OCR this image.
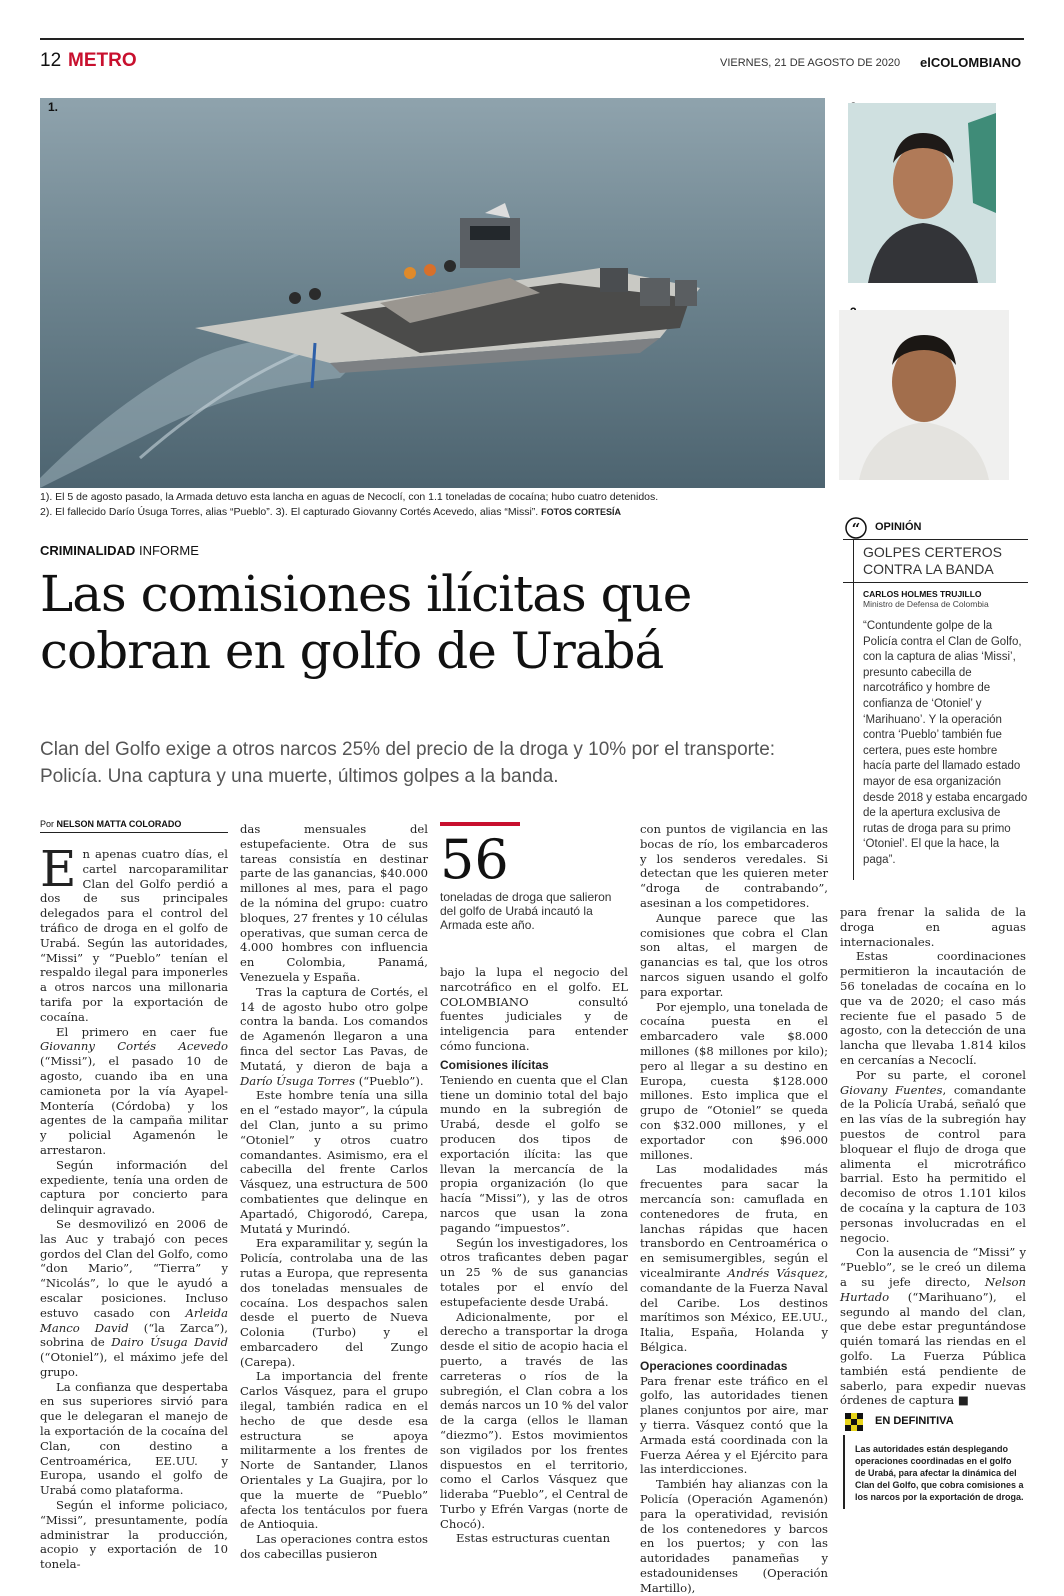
12 METRO	VIERNES, 21 DE AGOSTO DE 2020 elCOLOMBIANO
1.
1). El 5 de agosto pasado, la Armada detuvo esta lancha en aguas de Necoclí, con 1.1 toneladas de cocaína; hubo cuatro detenidos.
2). El fallecido Darío Úsuga Torres, alias “Pueblo”. 3). El capturado Giovanny Cortés Acevedo, alias “Missi”. FOTOS CORTESÍA
CRIMINALIDAD INFORME
Las comisiones ilícitas que
cobran en golfo de Urabá
Clan del Golfo exige a otros narcos 25% del precio de la droga y 10% por el transporte: Policía. Una captura y una muerte, últimos golpes a la banda.
Por NELSON MATTA COLORADO

En apenas cuatro días, el cartel narcoparamilitar Clan del Golfo perdió a dos de sus principales delegados para el control del tráfico de droga en el golfo de Urabá. Según las autoridades, “Missi” y “Pueblo” tenían el respaldo ilegal para imponerles a otros narcos una millonaria tarifa por la exportación de cocaína.

El primero en caer fue Giovanny Cortés Acevedo (“Missi”), el pasado 10 de agosto, cuando iba en una camioneta por la vía Ayapel-Montería (Córdoba) y los agentes de la campaña militar y policial Agamenón le arrestaron.

Según información del expediente, tenía una orden de captura por concierto para delinquir agravado.

Se desmovilizó en 2006 de las Auc y trabajó con peces gordos del Clan del Golfo, como “don Mario”, “Tierra” y “Nicolás”, lo que le ayudó a escalar posiciones. Incluso estuvo casado con Arleida Manco David (“la Zarca”), sobrina de Dairo Úsuga David (“Otoniel”), el máximo jefe del grupo.

La confianza que despertaba en sus superiores sirvió para que le delegaran el manejo de la exportación de la cocaína del Clan, con destino a Centroamérica, EE.UU. y Europa, usando el golfo de Urabá como plataforma.

Según el informe policiaco, “Missi”, presuntamente, podía administrar la producción, acopio y exportación de 10 tonela-

das mensuales del estupefaciente. Otra de sus tareas consistía en destinar parte de las ganancias, $40.000 millones al mes, para el pago de la nómina del grupo: cuatro bloques, 27 frentes y 10 células operativas, que suman cerca de 4.000 hombres con influencia en Colombia, Panamá, Venezuela y España.

Tras la captura de Cortés, el 14 de agosto hubo otro golpe contra la banda. Los comandos de Agamenón llegaron a una finca del sector Las Pavas, de Mutatá, y dieron de baja a Darío Úsuga Torres (“Pueblo”).

Este hombre tenía una silla en el “estado mayor”, la cúpula del Clan, junto a su primo “Otoniel” y otros cuatro comandantes. Asimismo, era el cabecilla del frente Carlos Vásquez, una estructura de 500 combatientes que delinque en Apartadó, Chigorodó, Carepa, Mutatá y Murindó.

Era exparamilitar y, según la Policía, controlaba una de las rutas a Europa, que representa dos toneladas mensuales de cocaína. Los despachos salen desde el puerto de Nueva Colonia (Turbo) y el embarcadero del Zungo (Carepa).

La importancia del frente Carlos Vásquez, para el grupo ilegal, también radica en el hecho de que desde esa estructura se apoya militarmente a los frentes de Norte de Santander, Llanos Orientales y La Guajira, por lo que la muerte de “Pueblo” afecta los tentáculos por fuera de Antioquia.

Las operaciones contra estos dos cabecillas pusieron

56
toneladas de droga que salieron del golfo de Urabá incautó la Armada este año.

bajo la lupa el negocio del narcotráfico en el golfo. EL COLOMBIANO consultó fuentes judiciales y de inteligencia para entender cómo funciona.

Comisiones ilícitas

Teniendo en cuenta que el Clan tiene un dominio total del bajo mundo en la subregión de Urabá, desde el golfo se producen dos tipos de exportación ilícita: las que llevan la mercancía de la propia organización (lo que hacía “Missi”), y las de otros narcos que usan la zona pagando “impuestos”.

Según los investigadores, los otros traficantes deben pagar un 25 % de sus ganancias totales por el envío del estupefaciente desde Urabá.

Adicionalmente, por el derecho a transportar la droga desde el sitio de acopio hacia el puerto, a través de las carreteras o ríos de la subregión, el Clan cobra a los demás narcos un 10 % del valor de la carga (ellos le llaman “diezmo”). Estos movimientos son vigilados por los frentes dispuestos en el territorio, como el Carlos Vásquez que lideraba “Pueblo”, el Central de Turbo y Efrén Vargas (norte de Chocó).

Estas estructuras cuentan

con puntos de vigilancia en las bocas de río, los embarcaderos y los senderos veredales. Si detectan que les quieren meter “droga de contrabando”, asesinan a los competidores.

Aunque parece que las comisiones que cobra el Clan son altas, el margen de ganancias es tal, que los otros narcos siguen usando el golfo para exportar.

Por ejemplo, una tonelada de cocaína puesta en el embarcadero vale $8.000 millones ($8 millones por kilo); pero al llegar a su destino en Europa, cuesta $128.000 millones. Esto implica que el grupo de “Otoniel” se queda con $32.000 millones, y el exportador con $96.000 millones.

Las modalidades más frecuentes para sacar la mercancía son: camuflada en contenedores de fruta, en lanchas rápidas que hacen transbordo en Centroamérica o en semisumergibles, según el vicealmirante Andrés Vásquez, comandante de la Fuerza Naval del Caribe. Los destinos marítimos son México, EE.UU., Italia, España, Holanda y Bélgica.

Operaciones coordinadas

Para frenar este tráfico en el golfo, las autoridades tienen planes conjuntos por aire, mar y tierra. Vásquez contó que la Armada está coordinada con la Fuerza Aérea y el Ejército para las interdicciones.

También hay alianzas con la Policía (Operación Agamenón) para la operatividad, revisión de los contenedores y barcos en los puertos; y con las autoridades panameñas y estadounidenses (Operación Martillo),

para frenar la salida de la droga en aguas internacionales.

Estas coordinaciones permitieron la incautación de 56 toneladas de cocaína en lo que va de 2020; el caso más reciente fue el pasado 5 de agosto, con la detección de una lancha que llevaba 1.814 kilos en cercanías a Necoclí.

Por su parte, el coronel Giovany Fuentes, comandante de la Policía Urabá, señaló que en las vías de la subregión hay puestos de control para bloquear el flujo de droga que alimenta el microtráfico barrial. Esto ha permitido el decomiso de otros 1.101 kilos de cocaína y la captura de 103 personas involucradas en el negocio.

Con la ausencia de “Missi” y “Pueblo”, se le creó un dilema a su jefe directo, Nelson Hurtado (“Marihuano”), el segundo al mando del clan, que debe estar preguntándose quién tomará las riendas en el golfo. La Fuerza Pública también está pendiente de saberlo, para expedir nuevas órdenes de captura ■

“	OPINIÓN
GOLPES CERTEROS CONTRA LA BANDA
CARLOS HOLMES TRUJILLO
Ministro de Defensa de Colombia
“Contundente golpe de la Policía contra el Clan de Golfo, con la captura de alias ‘Missi’, presunto cabecilla de narcotráfico y hombre de confianza de ‘Otoniel’ y ‘Marihuano’. Y la operación contra ‘Pueblo’ también fue certera, pues este hombre hacía parte del llamado estado mayor de esa organización desde 2018 y estaba encargado de la apertura exclusiva de rutas de droga para su primo ‘Otoniel’. El que la hace, la paga”.
EN DEFINITIVA
Las autoridades están desplegando operaciones coordinadas en el golfo de Urabá, para afectar la dinámica del Clan del Golfo, que cobra comisiones a los narcos por la exportación de droga.
